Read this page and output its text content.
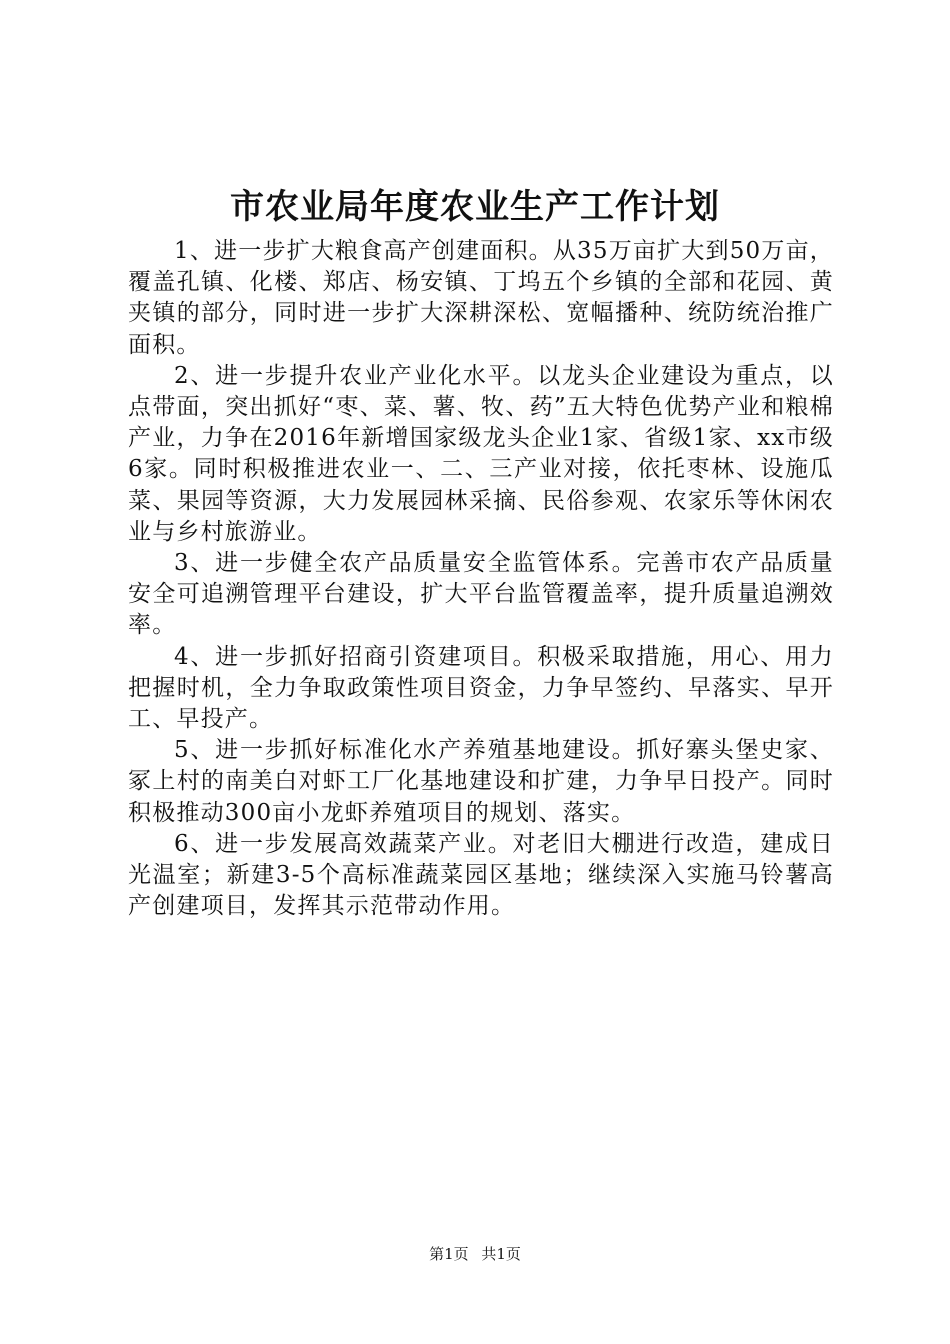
市农业局年度农业生产工作计划

1、进一步扩大粮食高产创建面积。从35万亩扩大到50万亩，覆盖孔镇、化楼、郑店、杨安镇、丁坞五个乡镇的全部和花园、黄夹镇的部分，同时进一步扩大深耕深松、宽幅播种、统防统治推广面积。

2、进一步提升农业产业化水平。以龙头企业建设为重点，以点带面，突出抓好“枣、菜、薯、牧、药”五大特色优势产业和粮棉产业，力争在2016年新增国家级龙头企业1家、省级1家、xx市级6家。同时积极推进农业一、二、三产业对接，依托枣林、设施瓜菜、果园等资源，大力发展园林采摘、民俗参观、农家乐等休闲农业与乡村旅游业。

3、进一步健全农产品质量安全监管体系。完善市农产品质量安全可追溯管理平台建设，扩大平台监管覆盖率，提升质量追溯效率。

4、进一步抓好招商引资建项目。积极采取措施，用心、用力把握时机，全力争取政策性项目资金，力争早签约、早落实、早开工、早投产。

5、进一步抓好标准化水产养殖基地建设。抓好寨头堡史家、冢上村的南美白对虾工厂化基地建设和扩建，力争早日投产。同时积极推动300亩小龙虾养殖项目的规划、落实。

6、进一步发展高效蔬菜产业。对老旧大棚进行改造，建成日光温室；新建3-5个高标准蔬菜园区基地；继续深入实施马铃薯高产创建项目，发挥其示范带动作用。

第1页 共1页
